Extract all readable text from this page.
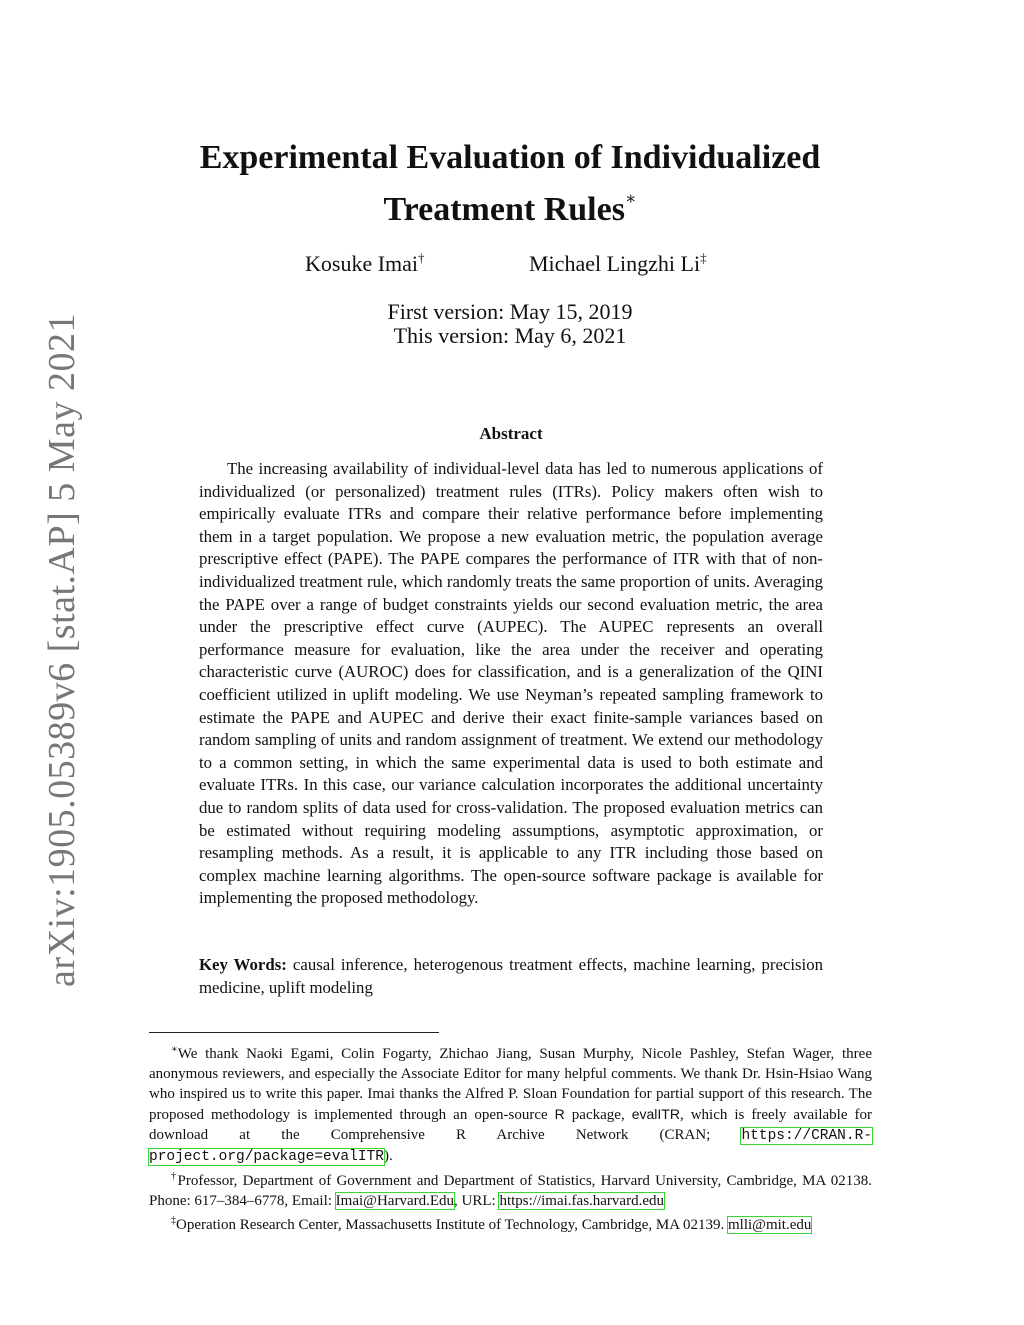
arXiv:1905.05389v6 [stat.AP] 5 May 2021
Experimental Evaluation of Individualized
Treatment Rules∗
Kosuke Imai†	Michael Lingzhi Li‡
First version: May 15, 2019
This version: May 6, 2021
Abstract

The increasing availability of individual-level data has led to numerous applications of individualized (or personalized) treatment rules (ITRs). Policy makers often wish to empirically evaluate ITRs and compare their relative performance before implementing them in a target population. We propose a new evaluation metric, the population average prescriptive effect (PAPE). The PAPE compares the performance of ITR with that of non-individualized treatment rule, which randomly treats the same proportion of units. Averaging the PAPE over a range of budget constraints yields our second evaluation metric, the area under the prescriptive effect curve (AUPEC). The AUPEC represents an overall performance measure for evaluation, like the area under the receiver and operating characteristic curve (AUROC) does for classification, and is a generalization of the QINI coefficient utilized in uplift modeling. We use Neyman’s repeated sampling framework to estimate the PAPE and AUPEC and derive their exact finite-sample variances based on random sampling of units and random assignment of treatment. We extend our methodology to a common setting, in which the same experimental data is used to both estimate and evaluate ITRs. In this case, our variance calculation incorporates the additional uncertainty due to random splits of data used for cross-validation. The proposed evaluation metrics can be estimated without requiring modeling assumptions, asymptotic approximation, or resampling methods. As a result, it is applicable to any ITR including those based on complex machine learning algorithms. The open-source software package is available for implementing the proposed methodology.

Key Words: causal inference, heterogenous treatment effects, machine learning, precision medicine, uplift modeling

∗We thank Naoki Egami, Colin Fogarty, Zhichao Jiang, Susan Murphy, Nicole Pashley, Stefan Wager, three anonymous reviewers, and especially the Associate Editor for many helpful comments. We thank Dr. Hsin-Hsiao Wang who inspired us to write this paper. Imai thanks the Alfred P. Sloan Foundation for partial support of this research. The proposed methodology is implemented through an open-source R package, evalITR, which is freely available for download at the Comprehensive R Archive Network (CRAN; https://CRAN.R-project.org/package=evalITR).

†Professor, Department of Government and Department of Statistics, Harvard University, Cambridge, MA 02138. Phone: 617–384–6778, Email: Imai@Harvard.Edu, URL: https://imai.fas.harvard.edu

‡Operation Research Center, Massachusetts Institute of Technology, Cambridge, MA 02139. mlli@mit.edu
